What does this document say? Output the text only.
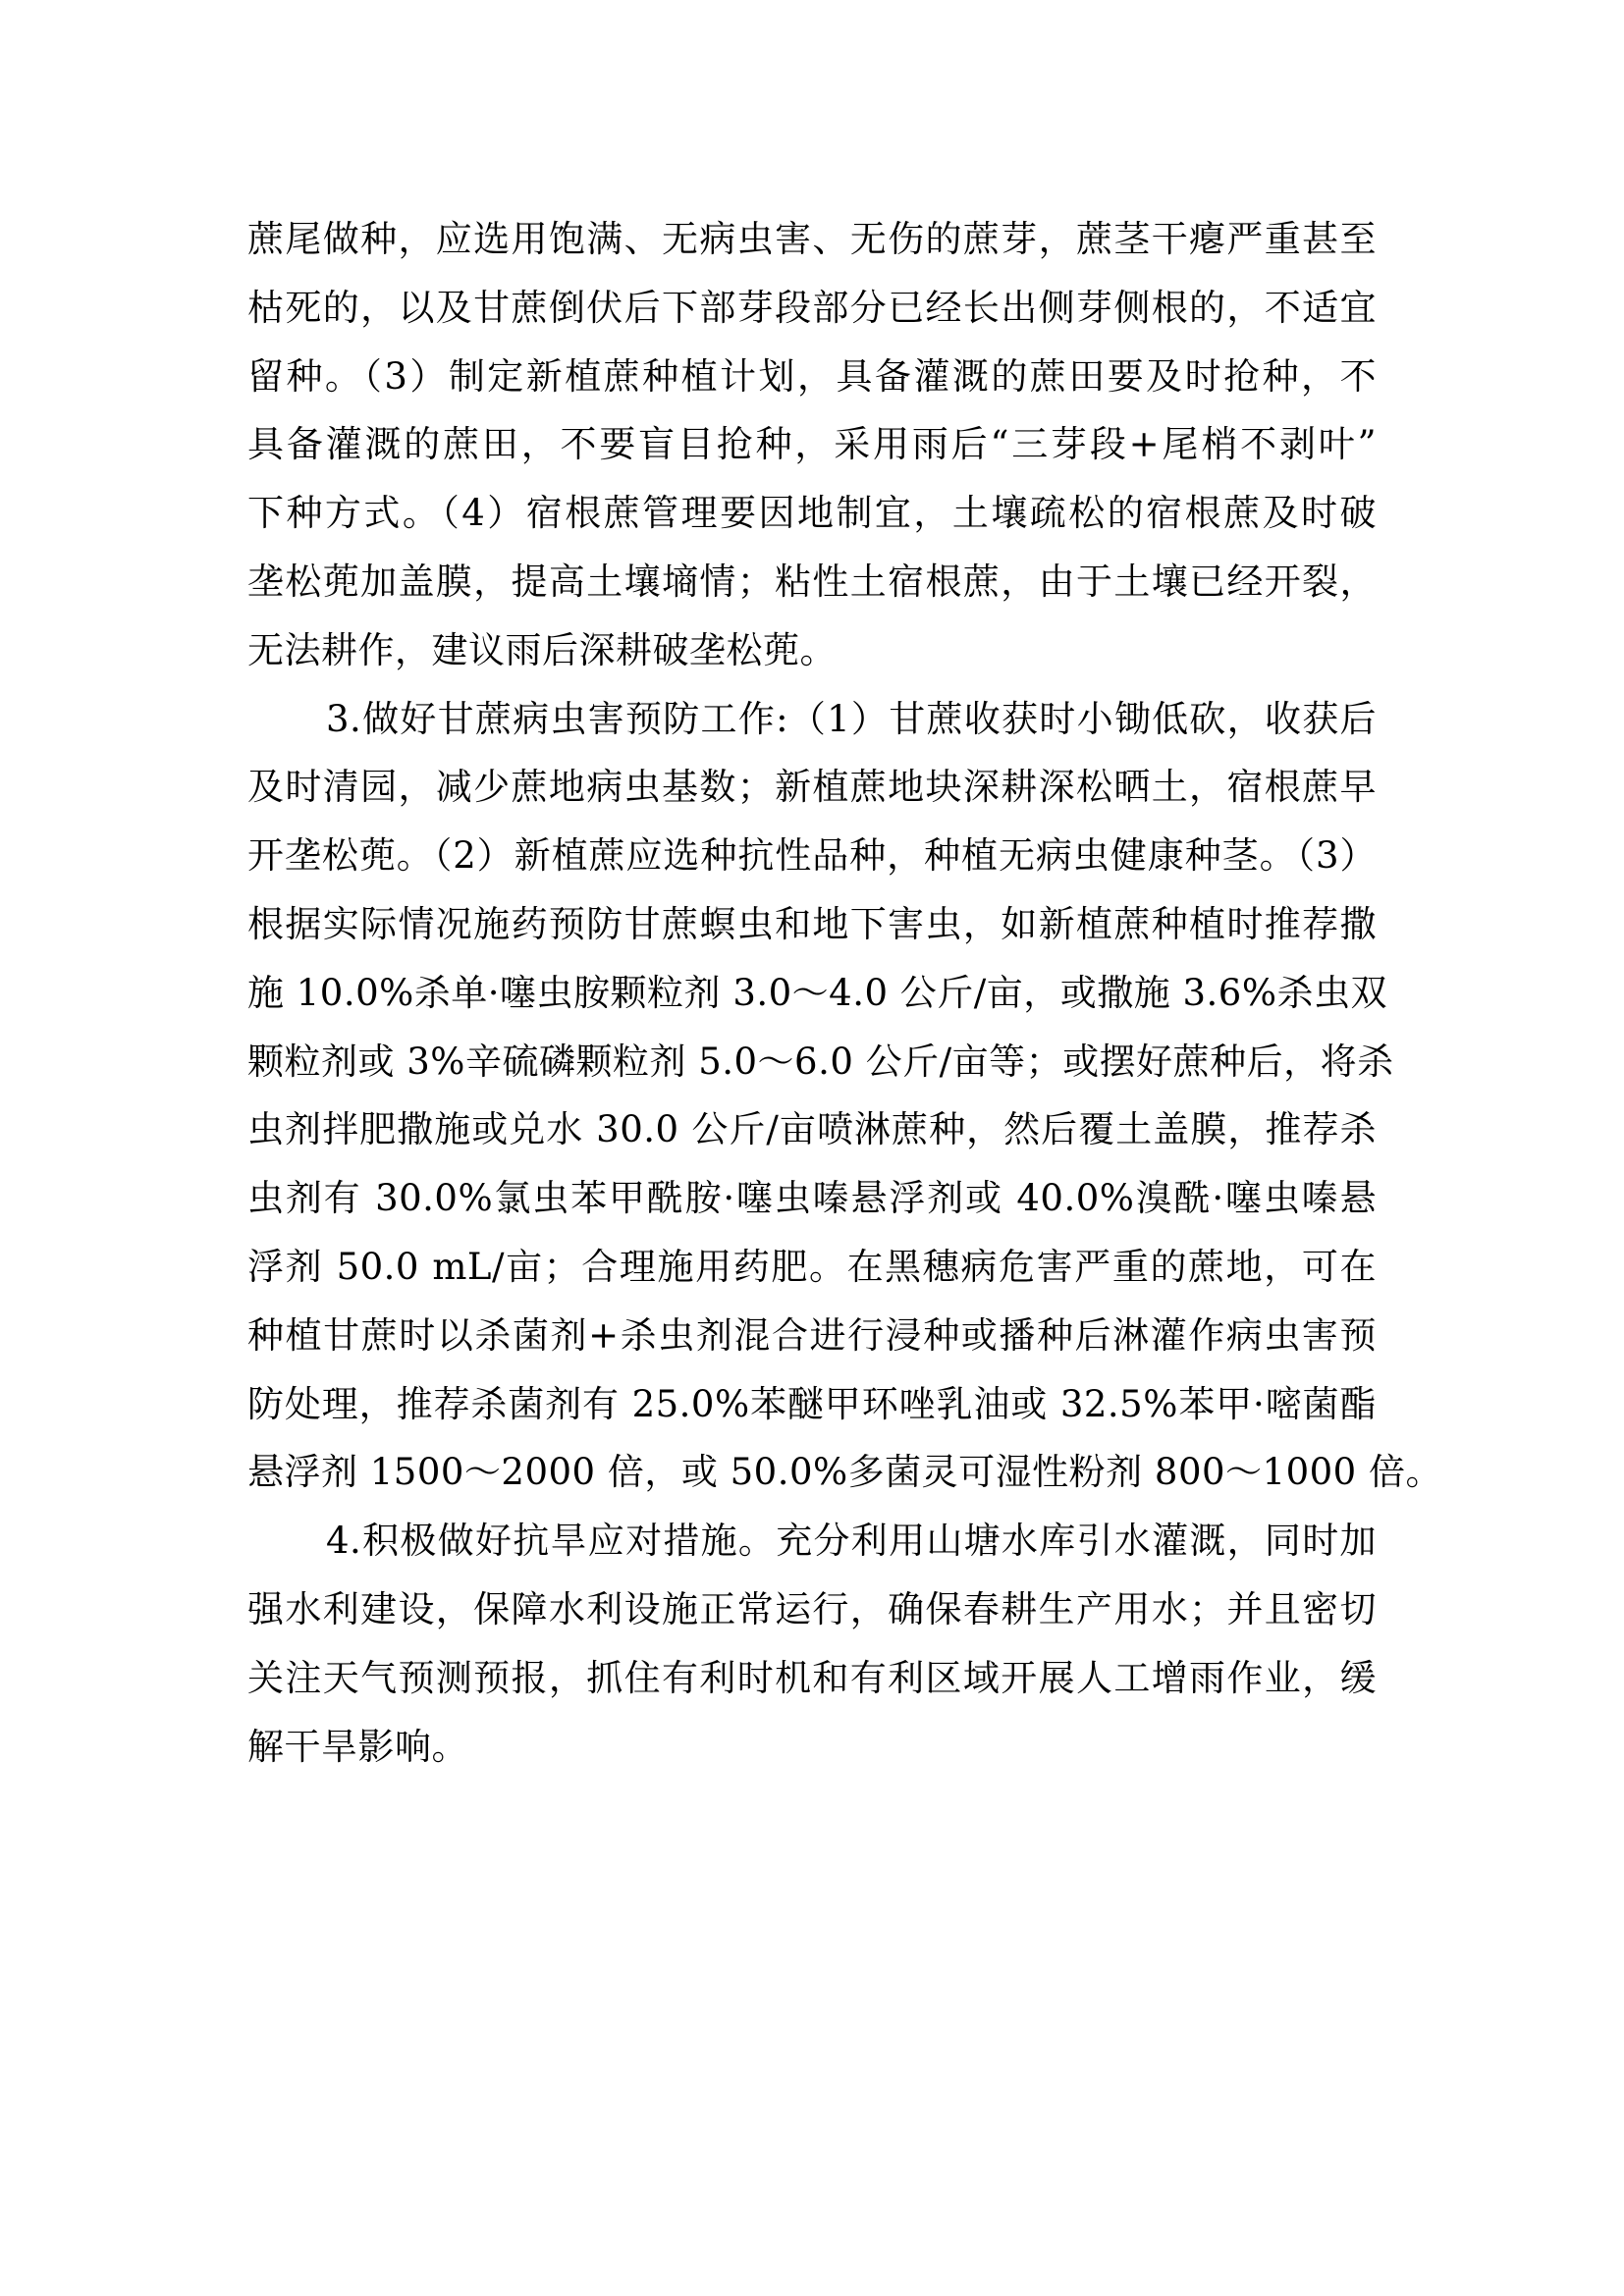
蔗尾做种，应选用饱满、无病虫害、无伤的蔗芽，蔗茎干瘪严重甚至
枯死的，以及甘蔗倒伏后下部芽段部分已经长出侧芽侧根的，不适宜
留种。（3）制定新植蔗种植计划，具备灌溉的蔗田要及时抢种，不
具备灌溉的蔗田，不要盲目抢种，采用雨后“三芽段+尾梢不剥叶”
下种方式。（4）宿根蔗管理要因地制宜，土壤疏松的宿根蔗及时破
垄松蔸加盖膜，提高土壤墒情；粘性土宿根蔗，由于土壤已经开裂，
无法耕作，建议雨后深耕破垄松蔸。
3.做好甘蔗病虫害预防工作:（1）甘蔗收获时小锄低砍，收获后
及时清园，减少蔗地病虫基数；新植蔗地块深耕深松晒土，宿根蔗早
开垄松蔸。（2）新植蔗应选种抗性品种，种植无病虫健康种茎。（3）
根据实际情况施药预防甘蔗螟虫和地下害虫，如新植蔗种植时推荐撒
施 10.0%杀单·噻虫胺颗粒剂 3.0～4.0 公斤/亩，或撒施 3.6%杀虫双
颗粒剂或 3%辛硫磷颗粒剂 5.0～6.0 公斤/亩等；或摆好蔗种后，将杀
虫剂拌肥撒施或兑水 30.0 公斤/亩喷淋蔗种，然后覆土盖膜，推荐杀
虫剂有 30.0%氯虫苯甲酰胺·噻虫嗪悬浮剂或 40.0%溴酰·噻虫嗪悬
浮剂 50.0 mL/亩；合理施用药肥。在黑穗病危害严重的蔗地，可在
种植甘蔗时以杀菌剂+杀虫剂混合进行浸种或播种后淋灌作病虫害预
防处理，推荐杀菌剂有 25.0%苯醚甲环唑乳油或 32.5%苯甲·嘧菌酯
悬浮剂 1500～2000 倍，或 50.0%多菌灵可湿性粉剂 800～1000 倍。
4.积极做好抗旱应对措施。充分利用山塘水库引水灌溉，同时加
强水利建设，保障水利设施正常运行，确保春耕生产用水；并且密切
关注天气预测预报，抓住有利时机和有利区域开展人工增雨作业，缓
解干旱影响。
